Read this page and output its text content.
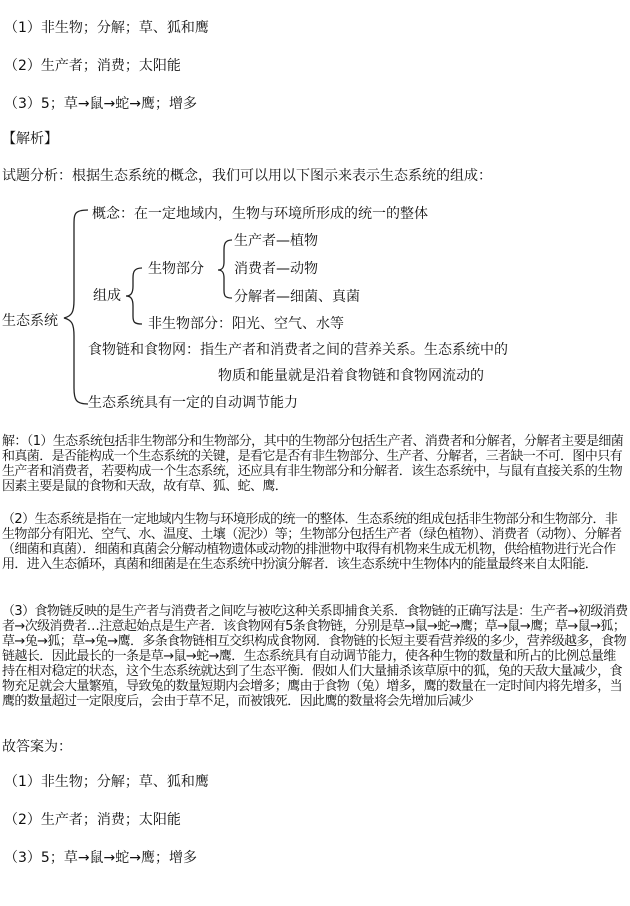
（1）非生物；分解；草、狐和鹰
（2）生产者；消费；太阳能
（3）5；草→鼠→蛇→鹰；增多
【解析】
试题分析：根据生态系统的概念，我们可以用以下图示来表示生态系统的组成：
生态系统
概念：在一定地域内，生物与环境所形成的统一的整体
组成
生物部分
生产者—植物
消费者—动物
分解者—细菌、真菌
非生物部分：阳光、空气、水等
食物链和食物网：指生产者和消费者之间的营养关系。生态系统中的
物质和能量就是沿着食物链和食物网流动的
生态系统具有一定的自动调节能力
解：（1）生态系统包括非生物部分和生物部分，其中的生物部分包括生产者、消费者和分解者，分解者主要是细菌和真菌．是否能构成一个生态系统的关键，是看它是否有非生物部分、生产者、分解者，三者缺一不可．图中只有生产者和消费者，若要构成一个生态系统，还应具有非生物部分和分解者．该生态系统中，与鼠有直接关系的生物因素主要是鼠的食物和天敌，故有草、狐、蛇、鹰．
（2）生态系统是指在一定地域内生物与环境形成的统一的整体．生态系统的组成包括非生物部分和生物部分．非生物部分有阳光、空气、水、温度、土壤（泥沙）等；生物部分包括生产者（绿色植物）、消费者（动物）、分解者（细菌和真菌）．细菌和真菌会分解动植物遗体或动物的排泄物中取得有机物来生成无机物，供给植物进行光合作用．进入生态循环，真菌和细菌是在生态系统中扮演分解者．该生态系统中生物体内的能量最终来自太阳能．
（3）食物链反映的是生产者与消费者之间吃与被吃这种关系即捕食关系．食物链的正确写法是：生产者→初级消费者→次级消费者…注意起始点是生产者．该食物网有5条食物链，分别是草→鼠→蛇→鹰；草→鼠→鹰；草→鼠→狐；草→兔→狐；草→兔→鹰．多条食物链相互交织构成食物网．食物链的长短主要看营养级的多少，营养级越多，食物链越长．因此最长的一条是草→鼠→蛇→鹰．生态系统具有自动调节能力，使各种生物的数量和所占的比例总量维持在相对稳定的状态，这个生态系统就达到了生态平衡．假如人们大量捕杀该草原中的狐，兔的天敌大量减少，食物充足就会大量繁殖，导致兔的数量短期内会增多；鹰由于食物（兔）增多，鹰的数量在一定时间内将先增多，当鹰的数量超过一定限度后，会由于草不足，而被饿死．因此鹰的数量将会先增加后减少
故答案为：
（1）非生物；分解；草、狐和鹰
（2）生产者；消费；太阳能
（3）5；草→鼠→蛇→鹰；增多
